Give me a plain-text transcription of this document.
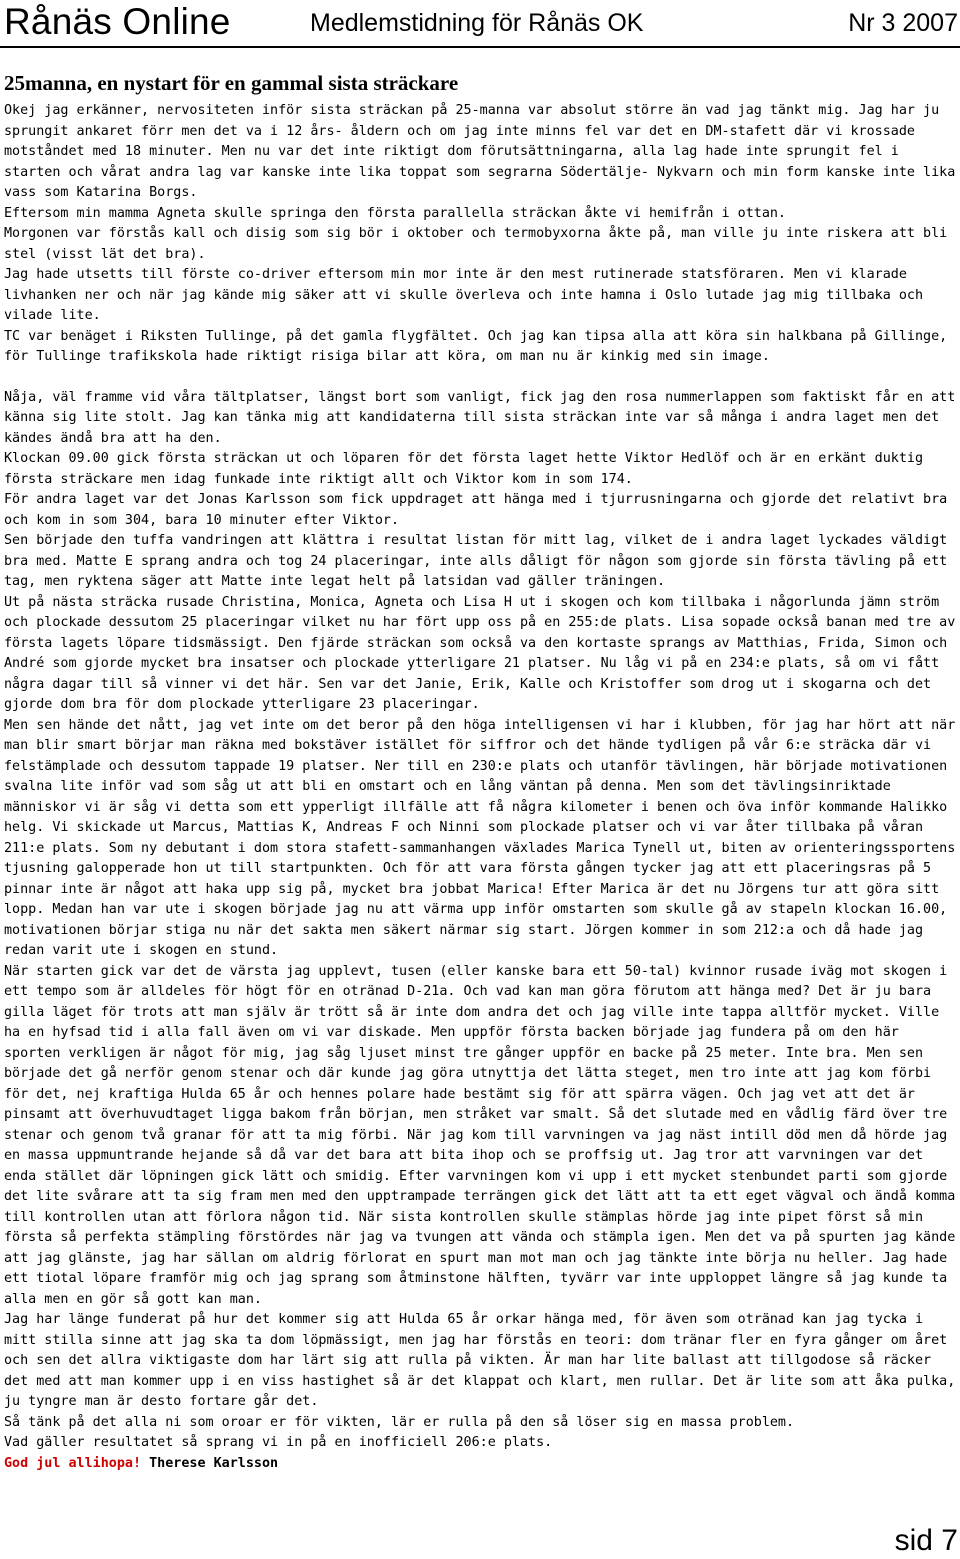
Rånäs Online	Medlemstidning för Rånäs OK	Nr 3 2007
25manna, en nystart för en gammal sista sträckare

Okej jag erkänner, nervositeten inför sista sträckan på 25-manna var absolut större än vad jag tänkt mig. Jag har ju sprungit ankaret förr men det va i 12 års- åldern och om jag inte minns fel var det en DM-stafett där vi krossade motståndet med 18 minuter. Men nu var det inte riktigt dom förutsättningarna, alla lag hade inte sprungit fel i starten och vårat andra lag var kanske inte lika toppat som segrarna Södertälje- Nykvarn och min form kanske inte lika vass som Katarina Borgs.

Eftersom min mamma Agneta skulle springa den första parallella sträckan åkte vi hemifrån i ottan.

Morgonen var förstås kall och disig som sig bör i oktober och termobyxorna åkte på, man ville ju inte riskera att bli stel (visst lät det bra).

Jag hade utsetts till förste co-driver eftersom min mor inte är den mest rutinerade statsföraren. Men vi klarade livhanken ner och när jag kände mig säker att vi skulle överleva och inte hamna i Oslo lutade jag mig tillbaka och vilade lite.

TC var benäget i Riksten Tullinge, på det gamla flygfältet. Och jag kan tipsa alla att köra sin halkbana på Gillinge, för Tullinge trafikskola hade riktigt risiga bilar att köra, om man nu är kinkig med sin image.

Nåja, väl framme vid våra tältplatser, längst bort som vanligt, fick jag den rosa nummerlappen som faktiskt får en att känna sig lite stolt. Jag kan tänka mig att kandidaterna till sista sträckan inte var så många i andra laget men det kändes ändå bra att ha den.

Klockan 09.00 gick första sträckan ut och löparen för det första laget hette Viktor Hedlöf och är en erkänt duktig första sträckare men idag funkade inte riktigt allt och Viktor kom in som 174.

För andra laget var det Jonas Karlsson som fick uppdraget att hänga med i tjurrusningarna och gjorde det relativt bra och kom in som 304, bara 10 minuter efter Viktor.

Sen började den tuffa vandringen att klättra i resultat listan för mitt lag, vilket de i andra laget lyckades väldigt bra med. Matte E sprang andra och tog 24 placeringar, inte alls dåligt för någon som gjorde sin första tävling på ett tag, men ryktena säger att Matte inte legat helt på latsidan vad gäller träningen.

Ut på nästa sträcka rusade Christina, Monica, Agneta och Lisa H ut i skogen och kom tillbaka i någorlunda jämn ström och plockade dessutom 25 placeringar vilket nu har fört upp oss på en 255:de plats. Lisa sopade också banan med tre av första lagets löpare tidsmässigt. Den fjärde sträckan som också va den kortaste sprangs av Matthias, Frida, Simon och André som gjorde mycket bra insatser och plockade ytterligare 21 platser. Nu låg vi på en 234:e plats, så om vi fått några dagar till så vinner vi det här. Sen var det Janie, Erik, Kalle och Kristoffer som drog ut i skogarna och det gjorde dom bra för dom plockade ytterligare 23 placeringar.

Men sen hände det nått, jag vet inte om det beror på den höga intelligensen vi har i klubben, för jag har hört att när man blir smart börjar man räkna med bokstäver istället för siffror och det hände tydligen på vår 6:e sträcka där vi felstämplade och dessutom tappade 19 platser. Ner till en 230:e plats och utanför tävlingen, här började motivationen svalna lite inför vad som såg ut att bli en omstart och en lång väntan på denna. Men som det tävlingsinriktade människor vi är såg vi detta som ett ypperligt illfälle att få några kilometer i benen och öva inför kommande Halikko helg. Vi skickade ut Marcus, Mattias K, Andreas F och Ninni som plockade platser och vi var åter tillbaka på våran 211:e plats. Som ny debutant i dom stora stafett-sammanhangen växlades Marica Tynell ut, biten av orienteringssportens tjusning galopperade hon ut till startpunkten. Och för att vara första gången tycker jag att ett placeringsras på 5 pinnar inte är något att haka upp sig på, mycket bra jobbat Marica! Efter Marica är det nu Jörgens tur att göra sitt lopp. Medan han var ute i skogen började jag nu att värma upp inför omstarten som skulle gå av stapeln klockan 16.00, motivationen börjar stiga nu när det sakta men säkert närmar sig start. Jörgen kommer in som 212:a och då hade jag redan varit ute i skogen en stund.

När starten gick var det de värsta jag upplevt, tusen (eller kanske bara ett 50-tal) kvinnor rusade iväg mot skogen i ett tempo som är alldeles för högt för en otränad D-21a. Och vad kan man göra förutom att hänga med? Det är ju bara gilla läget för trots att man själv är trött så är inte dom andra det och jag ville inte tappa alltför mycket. Ville ha en hyfsad tid i alla fall även om vi var diskade. Men uppför första backen började jag fundera på om den här sporten verkligen är något för mig, jag såg ljuset minst tre gånger uppför en backe på 25 meter. Inte bra. Men sen började det gå nerför genom stenar och där kunde jag göra utnyttja det lätta steget, men tro inte att jag kom förbi för det, nej kraftiga Hulda 65 år och hennes polare hade bestämt sig för att spärra vägen. Och jag vet att det är pinsamt att överhuvudtaget ligga bakom från början, men stråket var smalt. Så det slutade med en vådlig färd över tre stenar och genom två granar för att ta mig förbi. När jag kom till varvningen va jag näst intill död men då hörde jag en massa uppmuntrande hejande så då var det bara att bita ihop och se proffsig ut. Jag tror att varvningen var det enda stället där löpningen gick lätt och smidig. Efter varvningen kom vi upp i ett mycket stenbundet parti som gjorde det lite svårare att ta sig fram men med den upptrampade terrängen gick det lätt att ta ett eget vägval och ändå komma till kontrollen utan att förlora någon tid. När sista kontrollen skulle stämplas hörde jag inte pipet först så min första så perfekta stämpling förstördes när jag va tvungen att vända och stämpla igen. Men det va på spurten jag kände att jag glänste, jag har sällan om aldrig förlorat en spurt man mot man och jag tänkte inte börja nu heller. Jag hade ett tiotal löpare framför mig och jag sprang som åtminstone hälften, tyvärr var inte upploppet längre så jag kunde ta alla men en gör så gott kan man.

Jag har länge funderat på hur det kommer sig att Hulda 65 år orkar hänga med, för även som otränad kan jag tycka i mitt stilla sinne att jag ska ta dom löpmässigt, men jag har förstås en teori: dom tränar fler en fyra gånger om året och sen det allra viktigaste dom har lärt sig att rulla på vikten. Är man har lite ballast att tillgodose så räcker det med att man kommer upp i en viss hastighet så är det klappat och klart, men rullar. Det är lite som att åka pulka, ju tyngre man är desto fortare går det.

Så tänk på det alla ni som oroar er för vikten, lär er rulla på den så löser sig en massa problem.

Vad gäller resultatet så sprang vi in på en inofficiell 206:e plats.

God jul allihopa! Therese Karlsson

sid 7
